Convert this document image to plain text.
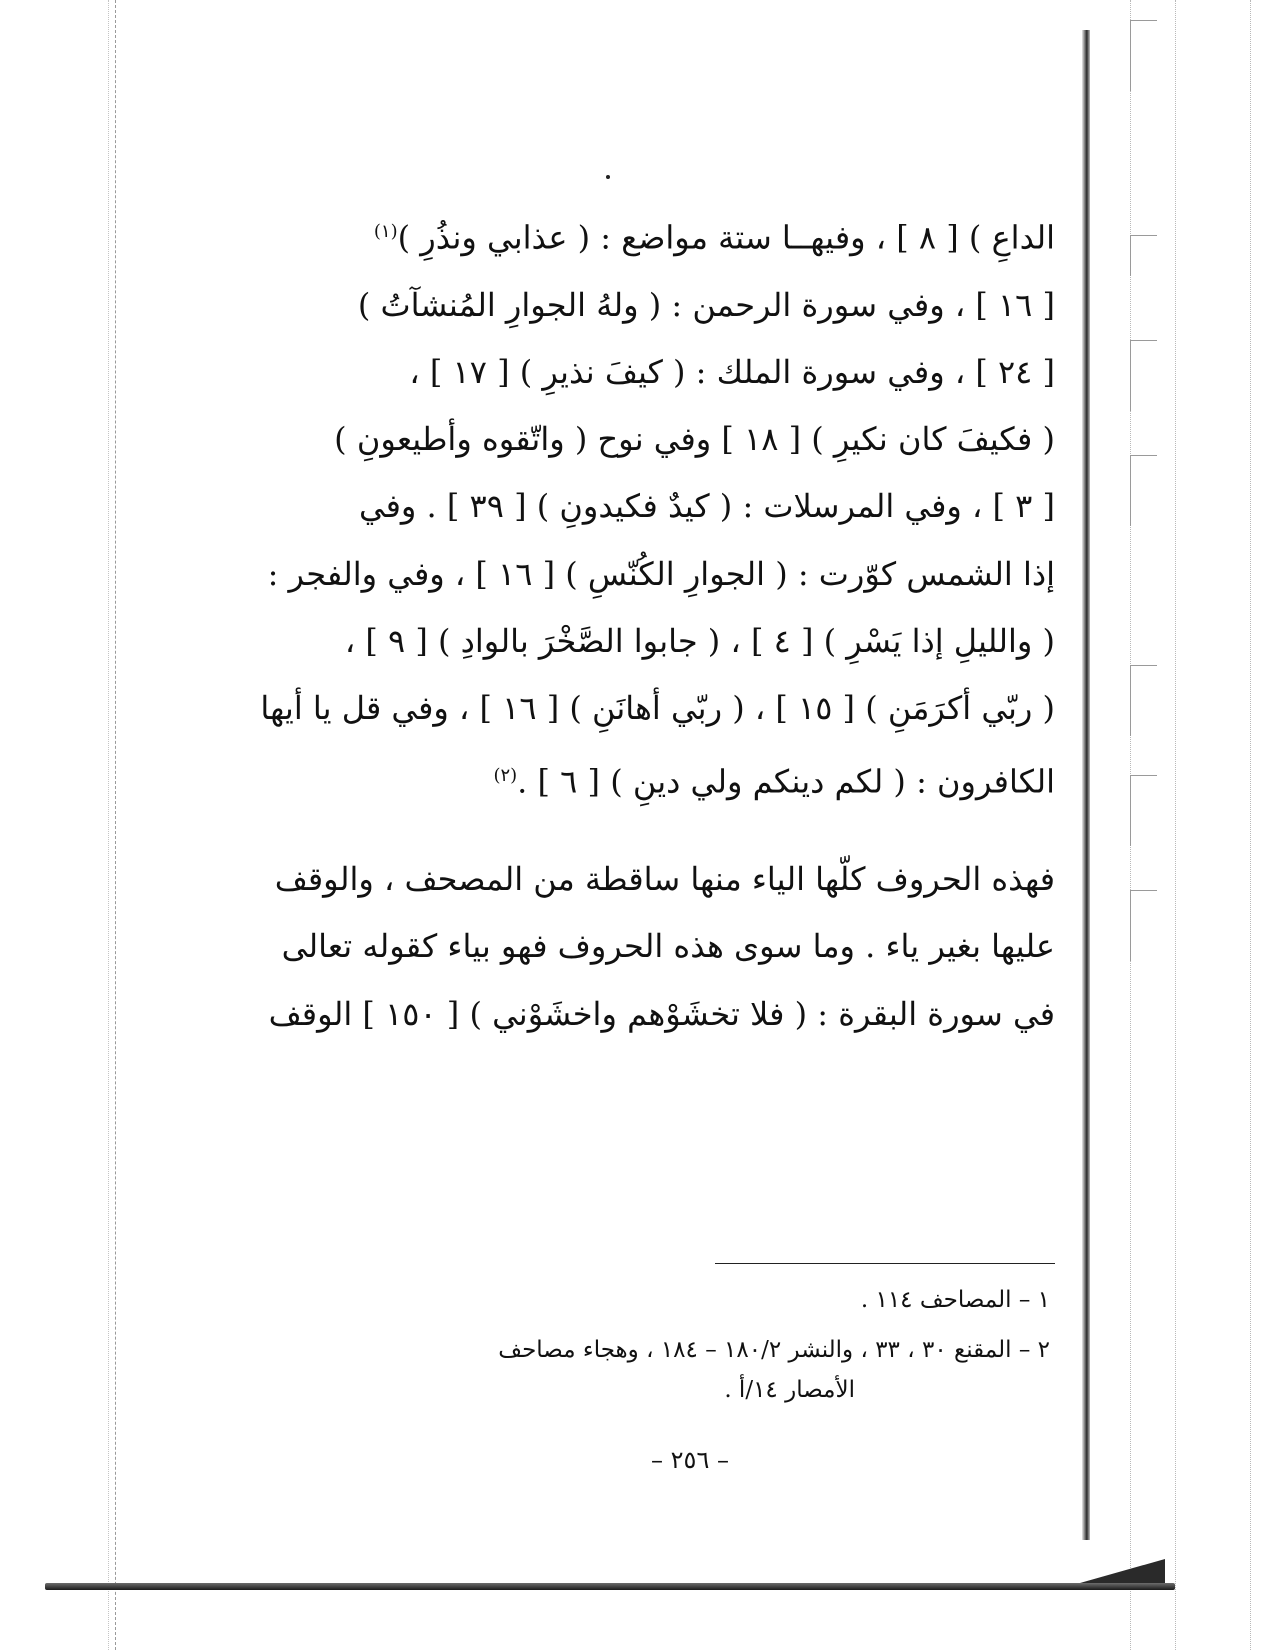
الداعِ ) [ ٨ ] ، وفيهــا ستة مواضع : ( عذابي ونذُرِ )$^{(١)}$
[ ١٦ ] ، وفي سورة الرحمن : ( ولهُ الجوارِ المُنشآتُ )
[ ٢٤ ] ، وفي سورة الملك : ( كيفَ نذيرِ ) [ ١٧ ] ،
( فكيفَ كان نكيرِ ) [ ١٨ ] وفي نوح ( واتّقوه وأطيعونِ )
[ ٣ ] ، وفي المرسلات : ( كيدٌ فكيدونِ ) [ ٣٩ ] . وفي
إذا الشمس كوّرت : ( الجوارِ الكُنّسِ ) [ ١٦ ] ، وفي والفجر :
( والليلِ إذا يَسْرِ ) [ ٤ ] ، ( جابوا الصَّخْرَ بالوادِ ) [ ٩ ] ،
( ربّي أكرَمَنِ ) [ ١٥ ] ، ( ربّي أهانَنِ ) [ ١٦ ] ، وفي قل يا أيها
الكافرون : ( لكم دينكم ولي دينِ ) [ ٦ ] .$^{(٢)}$

فهذه الحروف كلّها الياء منها ساقطة من المصحف ، والوقف
عليها بغير ياء . وما سوى هذه الحروف فهو بياء كقوله تعالى
في سورة البقرة : ( فلا تخشَوْهم واخشَوْني ) [ ١٥٠ ] الوقف

١ – المصاحف ١١٤ .
٢ – المقنع ٣٠ ، ٣٣ ، والنشر ١٨٠/٢ – ١٨٤ ، وهجاء مصاحف
الأمصار ١٤/أ .
– ٢٥٦ –
